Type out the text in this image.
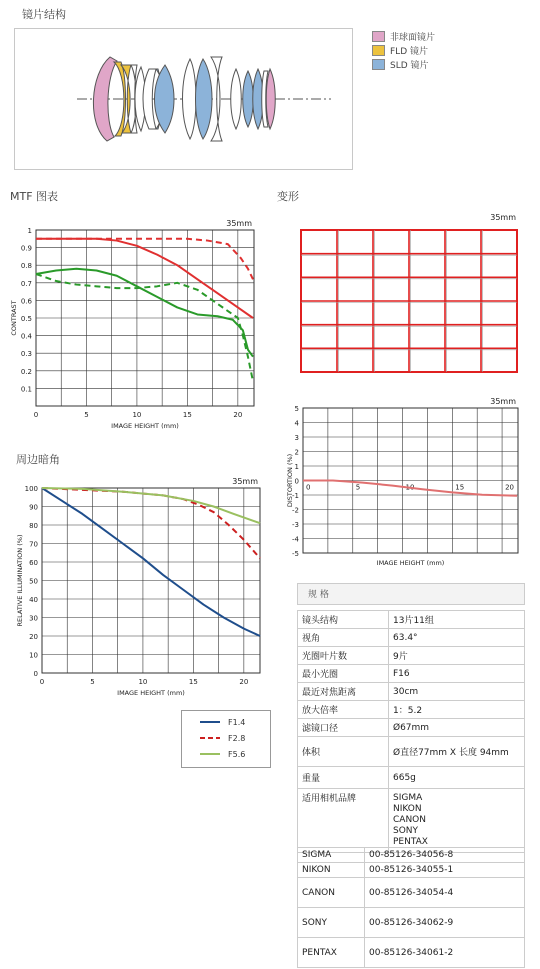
镜片结构
MTF 图表	变形
周边暗角
非球面镜片
FLD 镜片
SLD 镜片
0	5	10	15	20
0.1
0.2
0.3
0.4
0.5
0.6
0.7
0.8
0.9
1
IMAGE HEIGHT (mm)
CONTRAST
35mm
35mm
0	5	10	15	20
5
4
3
2
1
0
-1
-2
-3
-4
-5
IMAGE HEIGHT (mm)
DISTORTION (%)
35mm
0	5	10	15	20
100
90
80
70
60
50
40
30
20
10
0
IMAGE HEIGHT (mm)
RELATIVE ILLUMINATION (%)
35mm
F1.4
F2.8
F5.6
规 格
镜头结构	13片11组
视角	63.4°
光圈叶片数	9片
最小光圈	F16
最近对焦距离	30cm
放大倍率	1：5.2
滤镜口径	Ø67mm
体积	Ø直径77mm X 长度 94mm
重量	665g
适用相机品牌	SIGMA
NIKON
CANON
SONY
PENTAX
SIGMA	00-85126-34056-8
NIKON	00-85126-34055-1
CANON	00-85126-34054-4
SONY	00-85126-34062-9
PENTAX	00-85126-34061-2
